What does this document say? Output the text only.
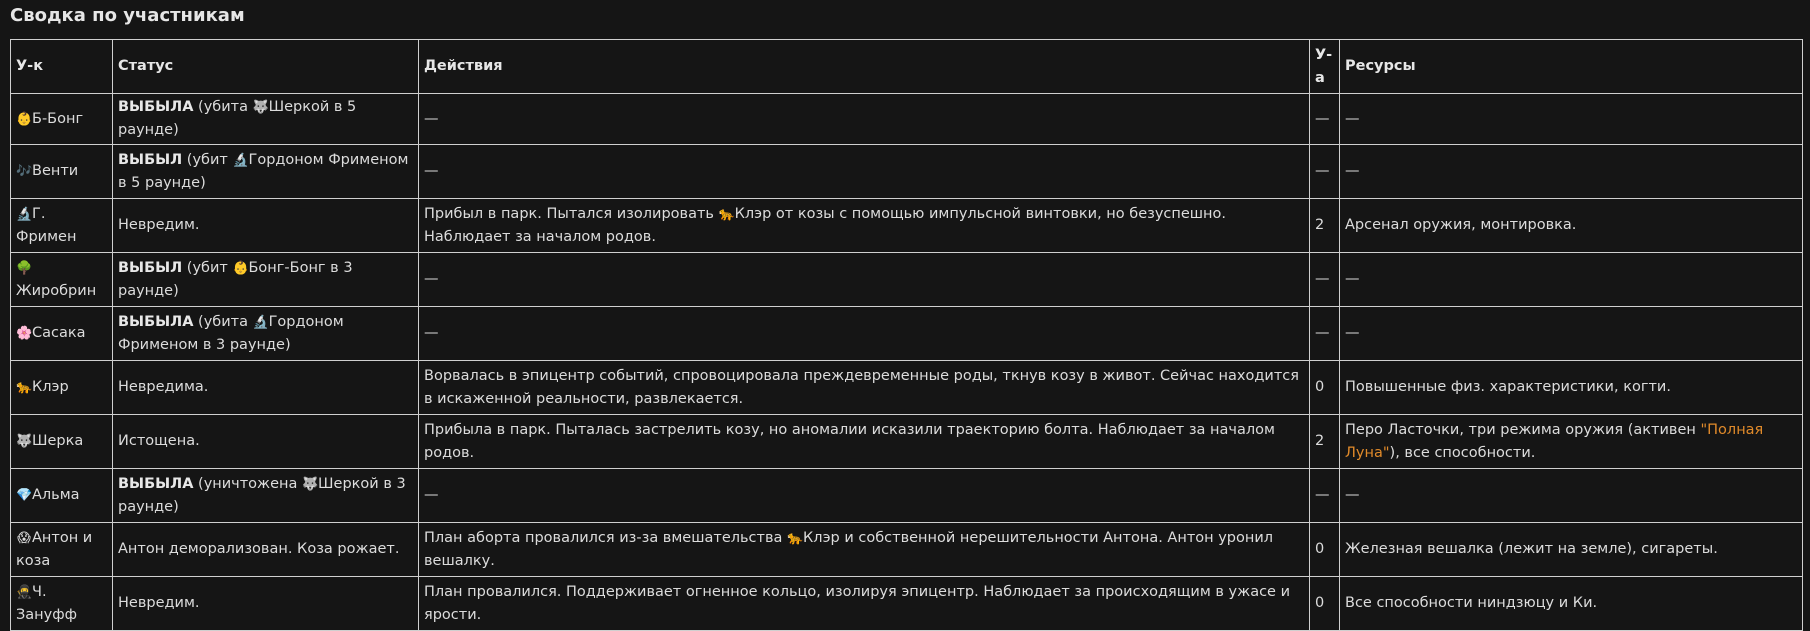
Сводка по участникам
У-к	Статус	Действия	У-а	Ресурсы
👶Б-Бонг	ВЫБЫЛА (убита 🐺Шеркой в 5 раунде)	—	—	—
🎶Венти	ВЫБЫЛ (убит 🔬Гордоном Фрименом в 5 раунде)	—	—	—
🔬Г. Фримен	Невредим.	Прибыл в парк. Пытался изолировать 🐆Клэр от козы с помощью импульсной винтовки, но безуспешно. Наблюдает за началом родов.	2	Арсенал оружия, монтировка.
🌳Жиробрин	ВЫБЫЛ (убит 👶Бонг-Бонг в 3 раунде)	—	—	—
🌸Сасака	ВЫБЫЛА (убита 🔬Гордоном Фрименом в 3 раунде)	—	—	—
🐆Клэр	Невредима.	Ворвалась в эпицентр событий, спровоцировала преждевременные роды, ткнув козу в живот. Сейчас находится в искаженной реальности, развлекается.	0	Повышенные физ. характеристики, когти.
🐺Шерка	Истощена.	Прибыла в парк. Пыталась застрелить козу, но аномалии исказили траекторию болта. Наблюдает за началом родов.	2	Перо Ласточки, три режима оружия (активен "Полная Луна"), все способности.
💎Альма	ВЫБЫЛА (уничтожена 🐺Шеркой в 3 раунде)	—	—	—
😱Антон и коза	Антон деморализован. Коза рожает.	План аборта провалился из-за вмешательства 🐆Клэр и собственной нерешительности Антона. Антон уронил вешалку.	0	Железная вешалка (лежит на земле), сигареты.
🥷Ч. Зануфф	Невредим.	План провалился. Поддерживает огненное кольцо, изолируя эпицентр. Наблюдает за происходящим в ужасе и ярости.	0	Все способности ниндзюцу и Ки.
